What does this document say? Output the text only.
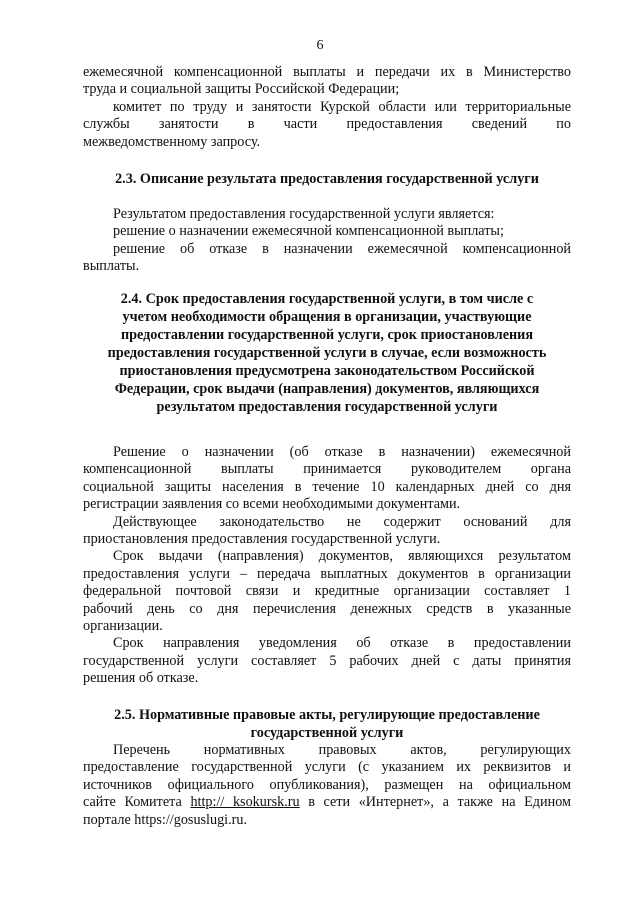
6

ежемесячной компенсационной выплаты и передачи их в Министерство

труда и социальной защиты Российской Федерации;

комитет по труду и занятости Курской области или территориальные

службы занятости в части предоставления сведений по

межведомственному запросу.

2.3. Описание результата предоставления государственной услуги

Результатом предоставления государственной услуги является:

решение о назначении ежемесячной компенсационной выплаты;

решение об отказе в назначении ежемесячной компенсационной

выплаты.

2.4. Срок предоставления государственной услуги, в том числе с

учетом необходимости обращения в организации, участвующие

предоставлении государственной услуги, срок приостановления

предоставления государственной услуги в случае, если возможность

приостановления предусмотрена законодательством Российской

Федерации, срок выдачи (направления) документов, являющихся

результатом предоставления государственной услуги

Решение о назначении (об отказе в назначении) ежемесячной

компенсационной выплаты принимается руководителем органа

социальной защиты населения в течение 10 календарных дней со дня

регистрации заявления со всеми необходимыми документами.

Действующее законодательство не содержит оснований для

приостановления предоставления государственной услуги.

Срок выдачи (направления) документов, являющихся результатом

предоставления услуги – передача выплатных документов в организации

федеральной почтовой связи и кредитные организации составляет 1

рабочий день со дня перечисления денежных средств в указанные

организации.

Срок направления уведомления об отказе в предоставлении

государственной услуги составляет 5 рабочих дней с даты принятия

решения об отказе.

2.5. Нормативные правовые акты, регулирующие предоставление

государственной услуги

Перечень нормативных правовых актов, регулирующих

предоставление государственной услуги (с указанием их реквизитов и

источников официального опубликования), размещен на официальном

сайте Комитета http:// ksokursk.ru в сети «Интернет», а также на Едином

портале https://gosuslugi.ru.
